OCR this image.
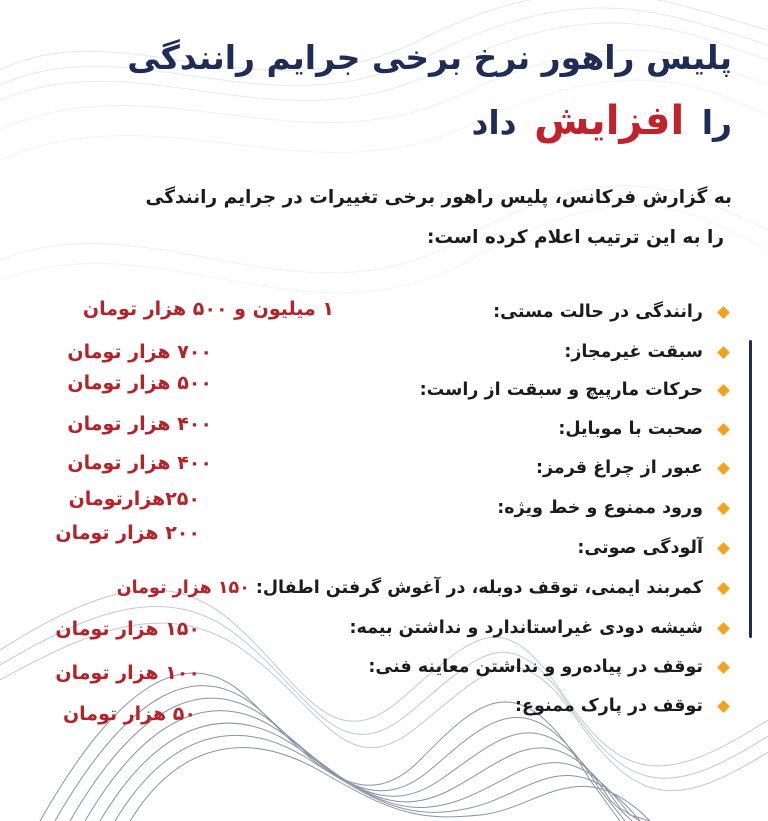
پلیس راهور نرخ برخی جرایم رانندگی
را افزایش داد

به گزارش فرکانس، پلیس راهور برخی تغییرات در جرایم رانندگی
را به این ترتیب اعلام کرده است:

رانندگی در حالت مستی:
سبقت غیرمجاز:
حرکات مارپیچ و سبقت از راست:
صحبت با موبایل:
عبور از چراغ قرمز:
ورود ممنوع و خط ویژه:
آلودگی صوتی:
کمربند ایمنی، توقف دوبله، در آغوش گرفتن اطفال:
۱۵۰ هزار تومان
شیشه دودی غیراستاندارد و نداشتن بیمه:
توقف در پیاده‌رو و نداشتن معاینه فنی:
توقف در پارک ممنوع:
۱ میلیون و ۵۰۰ هزار تومان
۷۰۰ هزار تومان
۵۰۰ هزار تومان
۴۰۰ هزار تومان
۴۰۰ هزار تومان
۲۵۰هزارتومان
۲۰۰ هزار تومان
۱۵۰ هزار تومان
۱۰۰ هزار تومان
۵۰ هزار تومان
